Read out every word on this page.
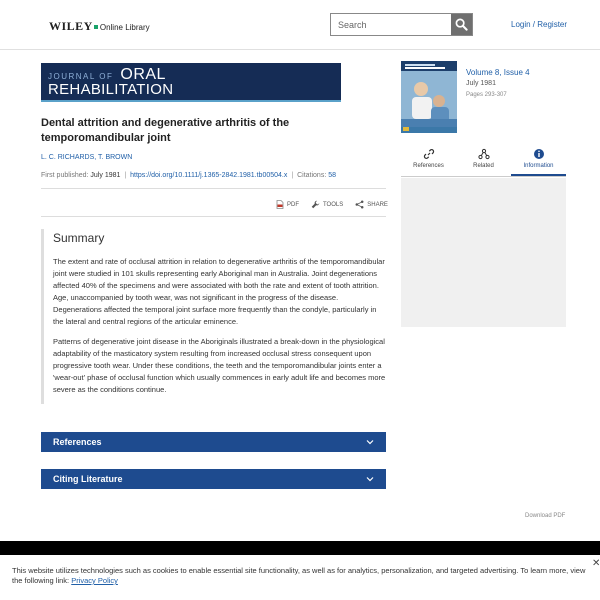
WILEY Online Library
Search	Login / Register
JOURNAL OF ORAL
REHABILITATION
Dental attrition and degenerative arthritis of the temporomandibular joint
L. C. RICHARDS, T. BROWN
First published: July 1981 | https://doi.org/10.1111/j.1365-2842.1981.tb00504.x | Citations: 58
PDF	TOOLS	SHARE
Summary

The extent and rate of occlusal attrition in relation to degenerative arthritis of the temporomandibular joint were studied in 101 skulls representing early Aboriginal man in Australia. Joint degenerations affected 40% of the specimens and were associated with both the rate and extent of tooth attrition. Age, unaccompanied by tooth wear, was not significant in the progress of the disease. Degenerations affected the temporal joint surface more frequently than the condyle, particularly in the lateral and central regions of the articular eminence.

Patterns of degenerative joint disease in the Aboriginals illustrated a break-down in the physiological adaptability of the masticatory system resulting from increased occlusal stress consequent upon progressive tooth wear. Under these conditions, the teeth and the temporomandibular joints enter a 'wear-out' phase of occlusal function which usually commences in early adult life and becomes more severe as the conditions continue.

References
Citing Literature
Volume 8, Issue 4
July 1981
Pages 293-307
References	Related	Information
Download PDF
This website utilizes technologies such as cookies to enable essential site functionality, as well as for analytics, personalization, and targeted advertising. To learn more, view the following link: Privacy Policy
✕
